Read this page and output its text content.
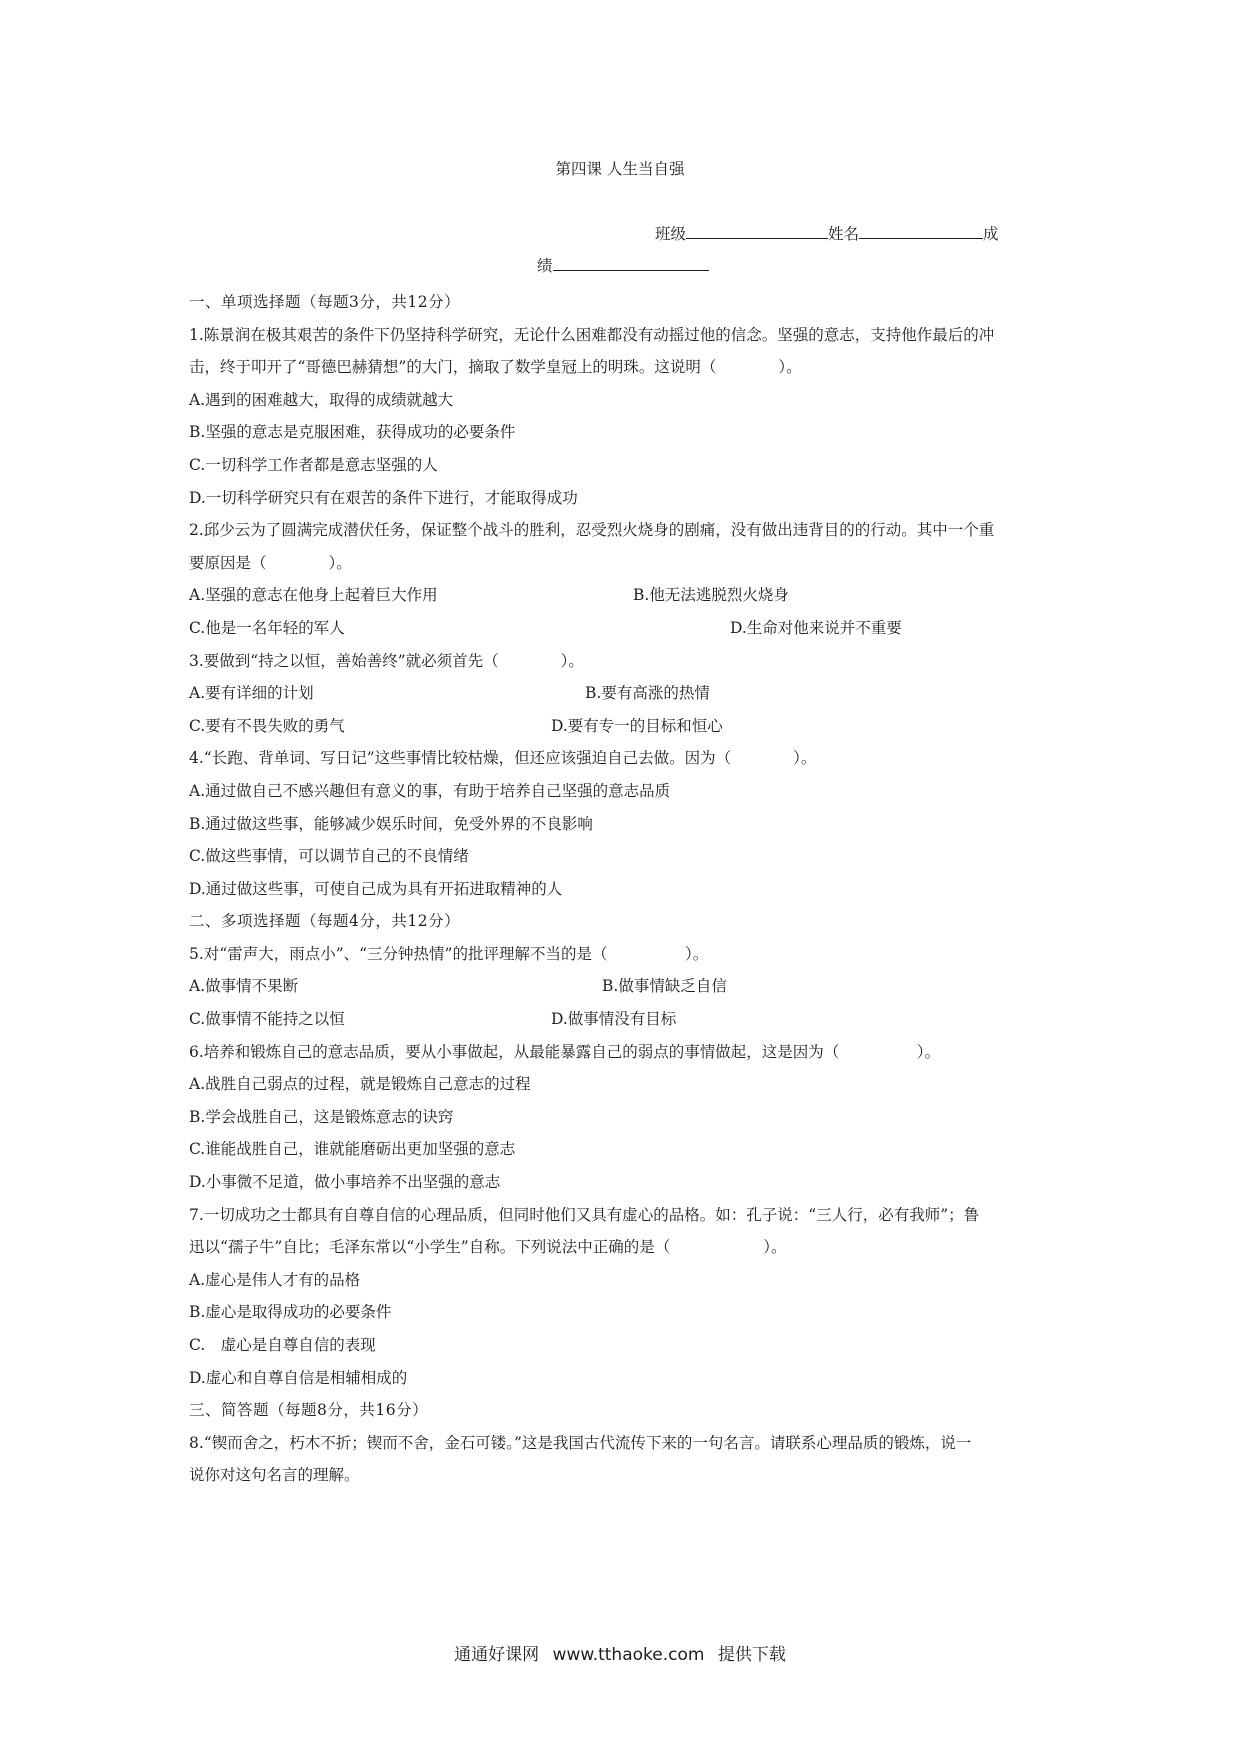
第四课 人生当自强
班级	姓名	成
绩
一、单项选择题（每题3分，共12分）
1.陈景润在极其艰苦的条件下仍坚持科学研究，无论什么困难都没有动摇过他的信念。坚强的意志，支持他作最后的冲
击，终于叩开了“哥德巴赫猜想”的大门，摘取了数学皇冠上的明珠。这说明（　　　　）。
A.遇到的困难越大，取得的成绩就越大
B.坚强的意志是克服困难，获得成功的必要条件
C.一切科学工作者都是意志坚强的人
D.一切科学研究只有在艰苦的条件下进行，才能取得成功
2.邱少云为了圆满完成潜伏任务，保证整个战斗的胜利，忍受烈火烧身的剧痛，没有做出违背目的的行动。其中一个重
要原因是（　　　　）。
A.坚强的意志在他身上起着巨大作用	B.他无法逃脱烈火烧身
C.他是一名年轻的军人	D.生命对他来说并不重要
3.要做到“持之以恒，善始善终”就必须首先（　　　　）。
A.要有详细的计划	B.要有高涨的热情
C.要有不畏失败的勇气	D.要有专一的目标和恒心
4.“长跑、背单词、写日记”这些事情比较枯燥，但还应该强迫自己去做。因为（　　　　）。
A.通过做自己不感兴趣但有意义的事，有助于培养自己坚强的意志品质
B.通过做这些事，能够减少娱乐时间，免受外界的不良影响
C.做这些事情，可以调节自己的不良情绪
D.通过做这些事，可使自己成为具有开拓进取精神的人
二、多项选择题（每题4分，共12分）
5.对“雷声大，雨点小”、“三分钟热情”的批评理解不当的是（　　　　　）。
A.做事情不果断	B.做事情缺乏自信
C.做事情不能持之以恒	D.做事情没有目标
6.培养和锻炼自己的意志品质，要从小事做起，从最能暴露自己的弱点的事情做起，这是因为（　　　　　）。
A.战胜自己弱点的过程，就是锻炼自己意志的过程
B.学会战胜自己，这是锻炼意志的诀窍
C.谁能战胜自己，谁就能磨砺出更加坚强的意志
D.小事微不足道，做小事培养不出坚强的意志
7.一切成功之士都具有自尊自信的心理品质，但同时他们又具有虚心的品格。如：孔子说：“三人行，必有我师”；鲁
迅以“孺子牛”自比；毛泽东常以“小学生”自称。下列说法中正确的是（　　　　　　）。
A.虚心是伟人才有的品格
B.虚心是取得成功的必要条件
C.　虚心是自尊自信的表现
D.虚心和自尊自信是相辅相成的
三、简答题（每题8分，共16分）
8.“锲而舍之，朽木不折；锲而不舍，金石可镂。”这是我国古代流传下来的一句名言。请联系心理品质的锻炼，说一
说你对这句名言的理解。
通通好课网 www.tthaoke.com 提供下载
